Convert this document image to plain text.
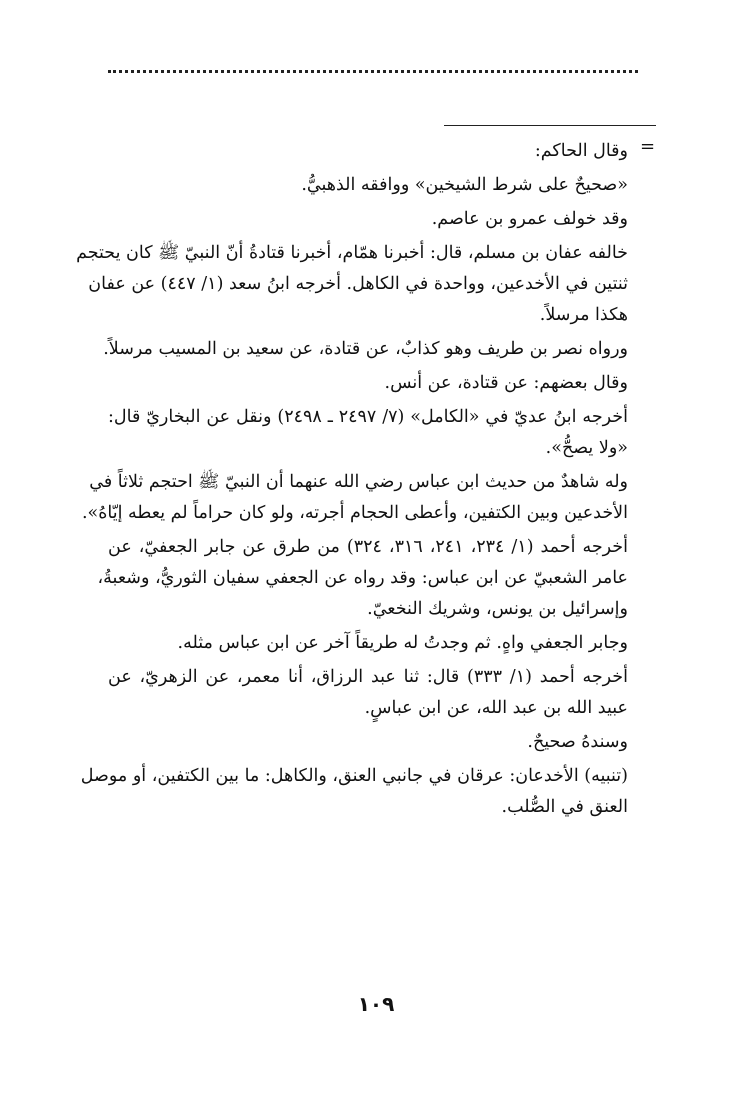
=
وقال الحاكم:
«صحيحٌ على شرط الشيخين» ووافقه الذهبيُّ.
وقد خولف عمرو بن عاصم.
خالفه عفان بن مسلم، قال: أخبرنا همّام، أخبرنا قتادةُ أنّ النبيّ ﷺ كان يحتجم
ثنتين في الأخدعين، وواحدة في الكاهل. أخرجه ابنُ سعد (١/ ٤٤٧) عن عفان
هكذا مرسلاً.
ورواه نصر بن طريف وهو كذابٌ، عن قتادة، عن سعيد بن المسيب مرسلاً.
وقال بعضهم: عن قتادة، عن أنس.
أخرجه ابنُ عديّ في «الكامل» (٧/ ٢٤٩٧ ـ ٢٤٩٨) ونقل عن البخاريّ قال:
«ولا يصحُّ».
وله شاهدٌ من حديث ابن عباس رضي الله عنهما أن النبيّ ﷺ احتجم ثلاثاً في
الأخدعين وبين الكتفين، وأعطى الحجام أجرته، ولو كان حراماً لم يعطه إيّاهُ».
أخرجه أحمد (١/ ٢٣٤، ٢٤١، ٣١٦، ٣٢٤) من طرق عن جابر الجعفيّ، عن
عامر الشعبيّ عن ابن عباس: وقد رواه عن الجعفي سفيان الثوريُّ، وشعبةُ،
وإسرائيل بن يونس، وشريك النخعيّ.
وجابر الجعفي واهٍ. ثم وجدتُ له طريقاً آخر عن ابن عباس مثله.
أخرجه أحمد (١/ ٣٣٣) قال: ثنا عبد الرزاق، أنا معمر، عن الزهريّ، عن
عبيد الله بن عبد الله، عن ابن عباسٍ.
وسندهُ صحيحٌ.
(تنبيه) الأخدعان: عرقان في جانبي العنق، والكاهل: ما بين الكتفين، أو موصل
العنق في الصُّلب.
١٠٩
